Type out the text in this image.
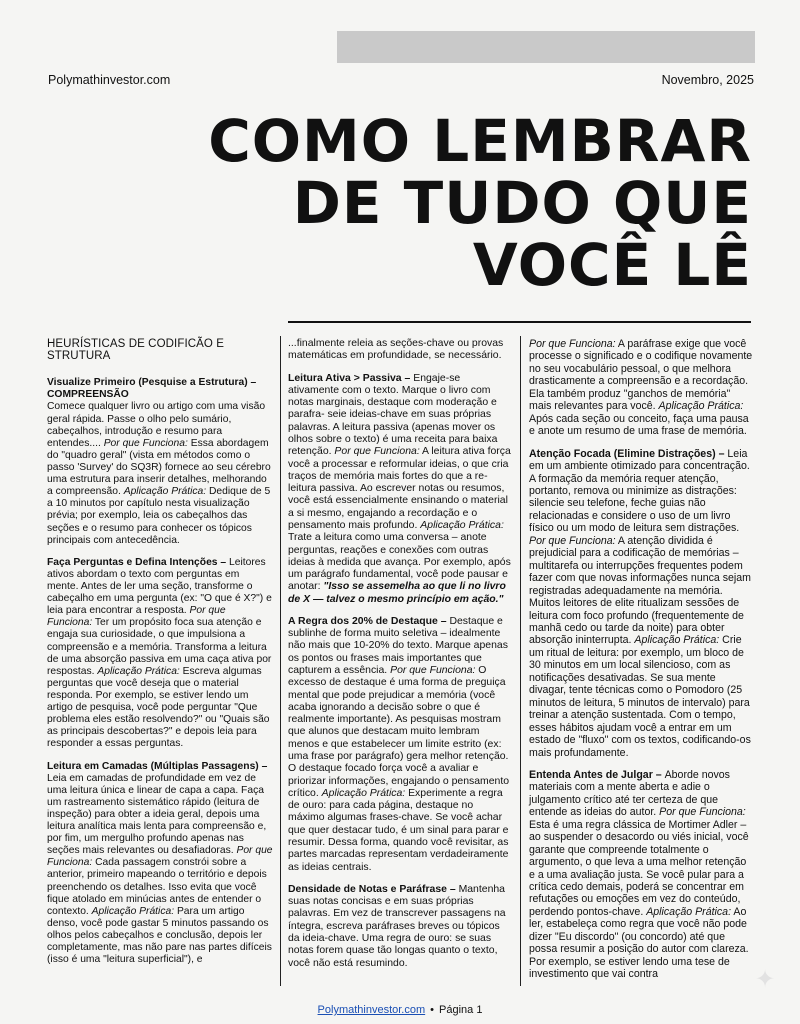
Polymathinvestor.com	Novembro, 2025
COMO LEMBRAR DE TUDO QUE VOCÊ LÊ
HEURÍSTICAS DE CODIFICÃO E STRUTURA
Visualize Primeiro (Pesquise a Estrutura) – COMPREENSÃO
Comece qualquer livro ou artigo com uma visão geral rápida. Passe o olho pelo sumário, cabeçalhos, introdução e resumo para entendes.... Por que Funciona: Essa abordagem do "quadro geral" (vista em métodos como o passo 'Survey' do SQ3R) fornece ao seu cérebro uma estrutura para inserir detalhes, melhorando a compreensão. Aplicação Prática: Dedique de 5 a 10 minutos por capítulo nesta visualização prévia; por exemplo, leia os cabeçalhos das seções e o resumo para conhecer os tópicos principais com antecedência.
Faça Perguntas e Defina Intenções – Leitores ativos abordam o texto com perguntas em mente. Antes de ler uma seção, transforme o cabeçalho em uma pergunta (ex: "O que é X?") e leia para encontrar a resposta. Por que Funciona: Ter um propósito foca sua atenção e engaja sua curiosidade, o que impulsiona a compreensão e a memória. Transforma a leitura de uma absorção passiva em uma caça ativa por respostas. Aplicação Prática: Escreva algumas perguntas que você deseja que o material responda. Por exemplo, se estiver lendo um artigo de pesquisa, você pode perguntar "Que problema eles estão resolvendo?" ou "Quais são as principais descobertas?" e depois leia para responder a essas perguntas.
Leitura em Camadas (Múltiplas Passagens) – Leia em camadas de profundidade em vez de uma leitura única e linear de capa a capa. Faça um rastreamento sistemático rápido (leitura de inspeção) para obter a ideia geral, depois uma leitura analítica mais lenta para compreensão e, por fim, um mergulho profundo apenas nas seções mais relevantes ou desafiadoras. Por que Funciona: Cada passagem constrói sobre a anterior, primeiro mapeando o território e depois preenchendo os detalhes. Isso evita que você fique atolado em minúcias antes de entender o contexto. Aplicação Prática: Para um artigo denso, você pode gastar 5 minutos passando os olhos pelos cabeçalhos e conclusão, depois ler completamente, mas não pare nas partes difíceis (isso é uma "leitura superficial"), e
...finalmente releia as seções-chave ou provas matemáticas em profundidade, se necessário.
Leitura Ativa > Passiva – Engaje-se ativamente com o texto. Marque o livro com notas marginais, destaque com moderação e parafra- seie ideias-chave em suas próprias palavras. A leitura passiva (apenas mover os olhos sobre o texto) é uma receita para baixa retenção. Por que Funciona: A leitura ativa força você a processar e reformular ideias, o que cria traços de memória mais fortes do que a re-leitura passiva. Ao escrever notas ou resumos, você está essencialmente ensinando o material a si mesmo, engajando a recordação e o pensamento mais profundo. Aplicação Prática: Trate a leitura como uma conversa – anote perguntas, reações e conexões com outras ideias à medida que avança. Por exemplo, após um parágrafo fundamental, você pode pausar e anotar: "Isso se assemelha ao que li no livro de X — talvez o mesmo princípio em ação."
A Regra dos 20% de Destaque – Destaque e sublinhe de forma muito seletiva – idealmente não mais que 10-20% do texto. Marque apenas os pontos ou frases mais importantes que capturem a essência. Por que Funciona: O excesso de destaque é uma forma de preguiça mental que pode prejudicar a memória (você acaba ignorando a decisão sobre o que é realmente importante). As pesquisas mostram que alunos que destacam muito lembram menos e que estabelecer um limite estrito (ex: uma frase por parágrafo) gera melhor retenção. O destaque focado força você a avaliar e priorizar informações, engajando o pensamento crítico. Aplicação Prática: Experimente a regra de ouro: para cada página, destaque no máximo algumas frases-chave. Se você achar que quer destacar tudo, é um sinal para parar e resumir. Dessa forma, quando você revisitar, as partes marcadas representam verdadeiramente as ideias centrais.
Densidade de Notas e Paráfrase – Mantenha suas notas concisas e em suas próprias palavras. Em vez de transcrever passagens na íntegra, escreva paráfrases breves ou tópicos da ideia-chave. Uma regra de ouro: se suas notas forem quase tão longas quanto o texto, você não está resumindo.
Por que Funciona: A paráfrase exige que você processe o significado e o codifique novamente no seu vocabulário pessoal, o que melhora drasticamente a compreensão e a recordação. Ela também produz "ganchos de memória" mais relevantes para você. Aplicação Prática: Após cada seção ou conceito, faça uma pausa e anote um resumo de uma frase de memória.
Atenção Focada (Elimine Distrações) – Leia em um ambiente otimizado para concentração. A formação da memória requer atenção, portanto, remova ou minimize as distrações: silencie seu telefone, feche guias não relacionadas e considere o uso de um livro físico ou um modo de leitura sem distrações. Por que Funciona: A atenção dividida é prejudicial para a codificação de memórias – multitarefa ou interrupções frequentes podem fazer com que novas informações nunca sejam registradas adequadamente na memória. Muitos leitores de elite ritualizam sessões de leitura com foco profundo (frequentemente de manhã cedo ou tarde da noite) para obter absorção ininterrupta. Aplicação Prática: Crie um ritual de leitura: por exemplo, um bloco de 30 minutos em um local silencioso, com as notificações desativadas. Se sua mente divagar, tente técnicas como o Pomodoro (25 minutos de leitura, 5 minutos de intervalo) para treinar a atenção sustentada. Com o tempo, esses hábitos ajudam você a entrar em um estado de "fluxo" com os textos, codificando-os mais profundamente.
Entenda Antes de Julgar – Aborde novos materiais com a mente aberta e adie o julgamento crítico até ter certeza de que entende as ideias do autor. Por que Funciona: Esta é uma regra clássica de Mortimer Adler – ao suspender o desacordo ou viés inicial, você garante que compreende totalmente o argumento, o que leva a uma melhor retenção e a uma avaliação justa. Se você pular para a crítica cedo demais, poderá se concentrar em refutações ou emoções em vez do conteúdo, perdendo pontos-chave. Aplicação Prática: Ao ler, estabeleça como regra que você não pode dizer "Eu discordo" (ou concordo) até que possa resumir a posição do autor com clareza. Por exemplo, se estiver lendo uma tese de investimento que vai contra
Polymathinvestor.com • Página 1
✦
